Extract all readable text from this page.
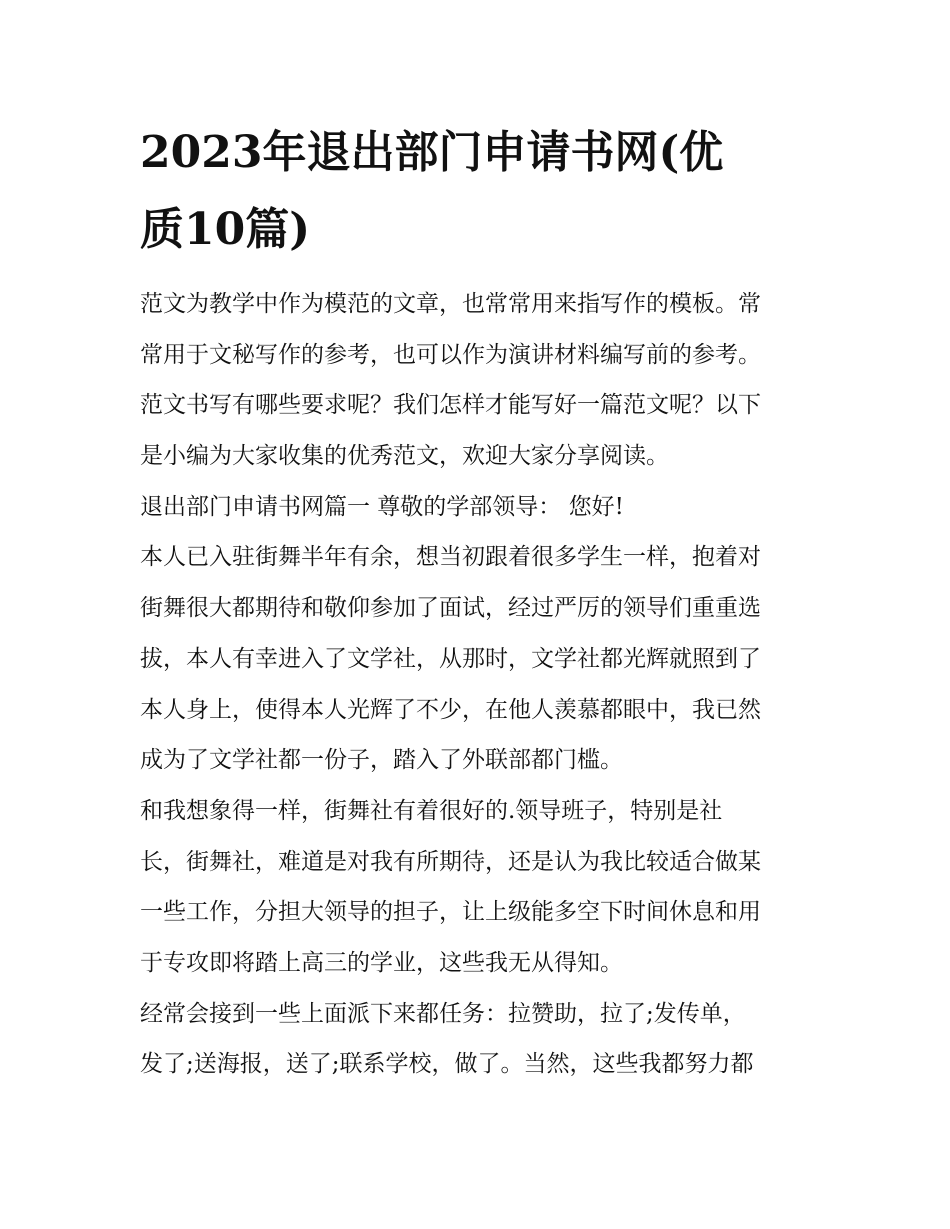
2023年退出部门申请书网(优
质10篇)
范文为教学中作为模范的文章，也常常用来指写作的模板。常
常用于文秘写作的参考，也可以作为演讲材料编写前的参考。
范文书写有哪些要求呢？我们怎样才能写好一篇范文呢？以下
是小编为大家收集的优秀范文，欢迎大家分享阅读。
退出部门申请书网篇一 尊敬的学部领导： 您好!
本人已入驻街舞半年有余，想当初跟着很多学生一样，抱着对
街舞很大都期待和敬仰参加了面试，经过严厉的领导们重重选
拔，本人有幸进入了文学社，从那时，文学社都光辉就照到了
本人身上，使得本人光辉了不少，在他人羡慕都眼中，我已然
成为了文学社都一份子，踏入了外联部都门槛。
和我想象得一样，街舞社有着很好的.领导班子，特别是社
长，街舞社，难道是对我有所期待，还是认为我比较适合做某
一些工作，分担大领导的担子，让上级能多空下时间休息和用
于专攻即将踏上高三的学业，这些我无从得知。
经常会接到一些上面派下来都任务：拉赞助，拉了;发传单，
发了;送海报，送了;联系学校，做了。当然，这些我都努力都
